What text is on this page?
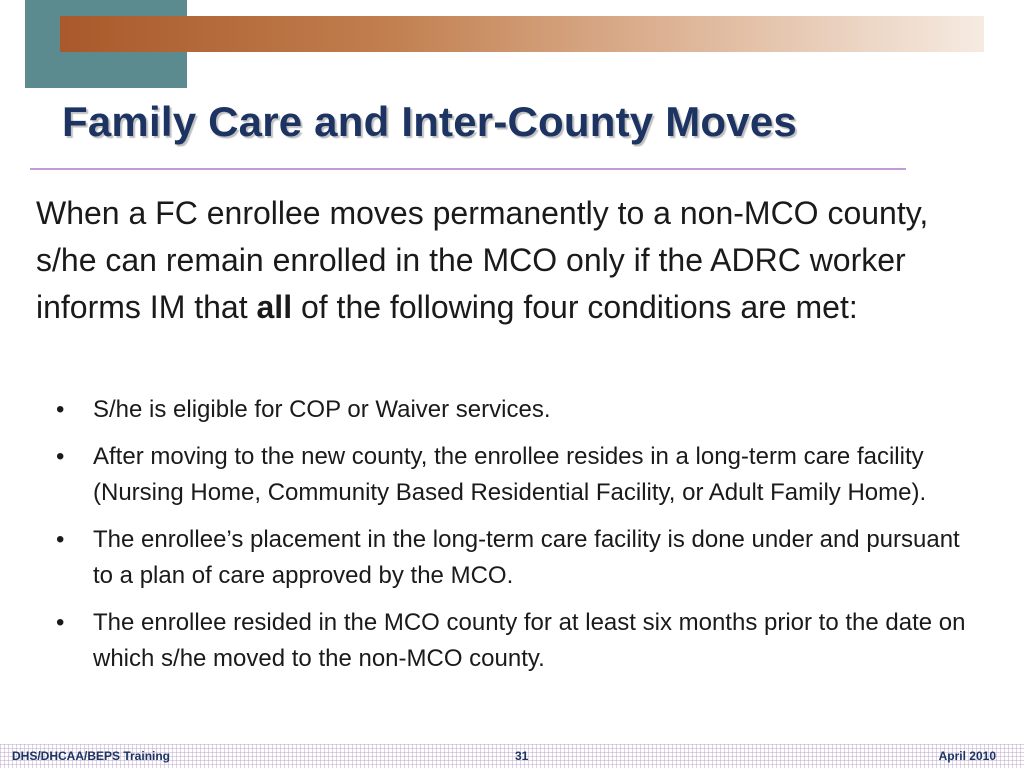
Family Care and Inter-County Moves

When a FC enrollee moves permanently to a non-MCO county, s/he can remain enrolled in the MCO only if the ADRC worker informs IM that all of the following four conditions are met:

• S/he is eligible for COP or Waiver services.
• After moving to the new county, the enrollee resides in a long-term care facility (Nursing Home, Community Based Residential Facility, or Adult Family Home).
• The enrollee’s placement in the long-term care facility is done under and pursuant to a plan of care approved by the MCO.
• The enrollee resided in the MCO county for at least six months prior to the date on which s/he moved to the non-MCO county.
DHS/DHCAA/BEPS Training	31	April 2010
